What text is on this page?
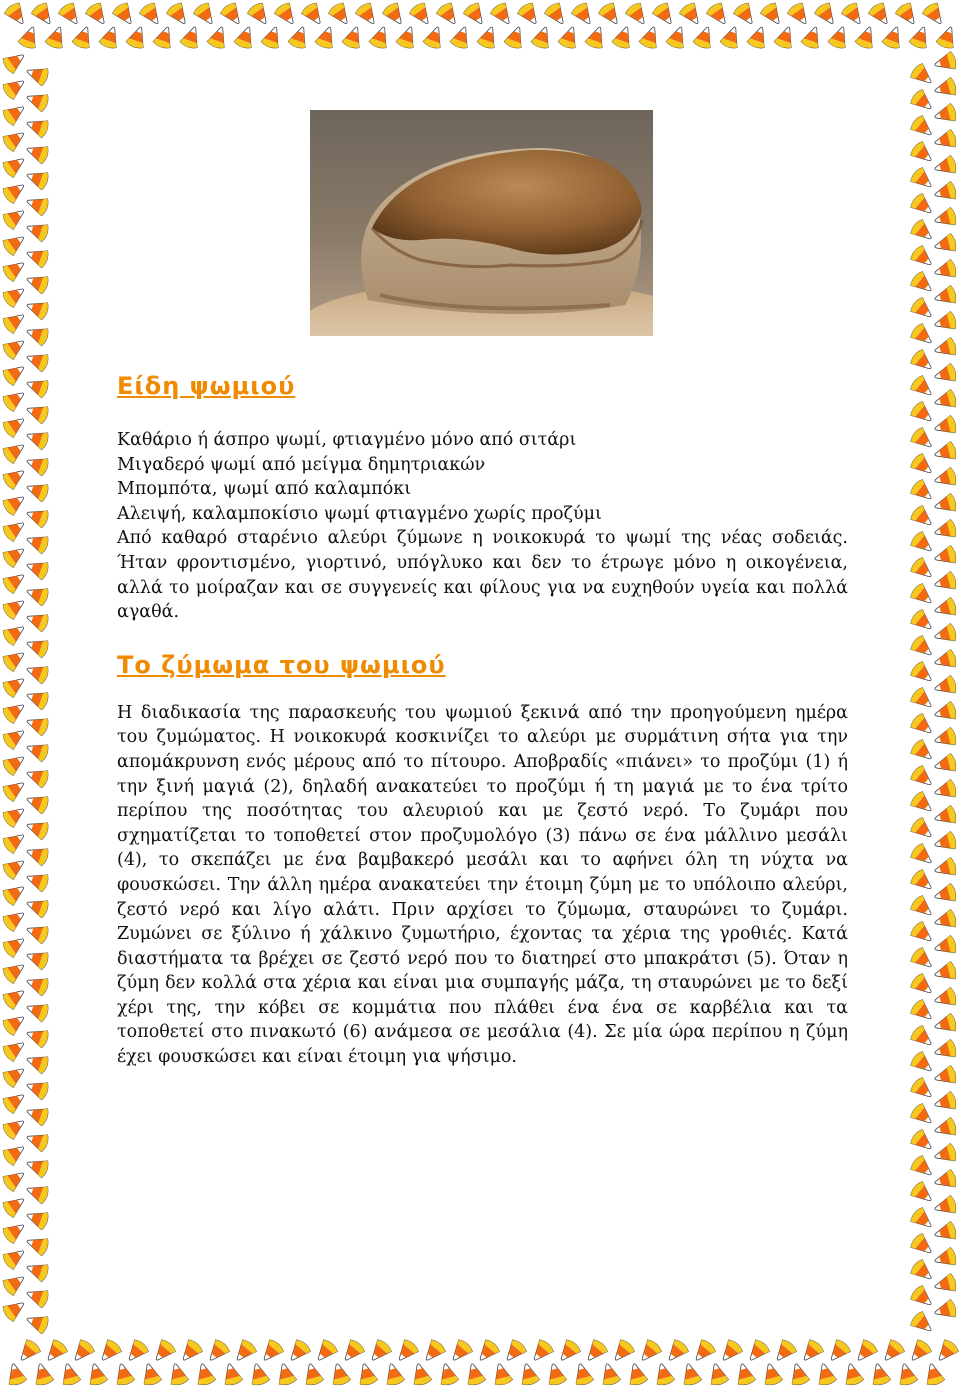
Είδη ψωμιού
Καθάριο ή άσπρο ψωμί, φτιαγμένο μόνο από σιτάρι
Μιγαδερό ψωμί από μείγμα δημητριακών
Μπομπότα, ψωμί από καλαμπόκι
Αλειψή, καλαμποκίσιο ψωμί φτιαγμένο χωρίς προζύμι

Από καθαρό σταρένιο αλεύρι ζύμωνε η νοικοκυρά το ψωμί της νέας σοδειάς. Ήταν φροντισμένο, γιορτινό, υπόγλυκο και δεν το έτρωγε μόνο η οικογένεια, αλλά το μοίραζαν και σε συγγενείς και φίλους για να ευχηθούν υγεία και πολλά αγαθά.

Το ζύμωμα του ψωμιού

Η διαδικασία της παρασκευής του ψωμιού ξεκινά από την προηγούμενη ημέρα του ζυμώματος. Η νοικοκυρά κοσκινίζει το αλεύρι με συρμάτινη σήτα για την απομάκρυνση ενός μέρους από το πίτουρο. Αποβραδίς «πιάνει» το προζύμι (1) ή την ξινή μαγιά (2), δηλαδή ανακατεύει το προζύμι ή τη μαγιά με το ένα τρίτο περίπου της ποσότητας του αλευριού και με ζεστό νερό. Το ζυμάρι που σχηματίζεται το τοποθετεί στον προζυμολόγο (3) πάνω σε ένα μάλλινο μεσάλι (4), το σκεπάζει με ένα βαμβακερό μεσάλι και το αφήνει όλη τη νύχτα να φουσκώσει. Την άλλη ημέρα ανακατεύει την έτοιμη ζύμη με το υπόλοιπο αλεύρι, ζεστό νερό και λίγο αλάτι. Πριν αρχίσει το ζύμωμα, σταυρώνει το ζυμάρι. Ζυμώνει σε ξύλινο ή χάλκινο ζυμωτήριο, έχοντας τα χέρια της γροθιές. Κατά διαστήματα τα βρέχει σε ζεστό νερό που το διατηρεί στο μπακράτσι (5). Όταν η ζύμη δεν κολλά στα χέρια και είναι μια συμπαγής μάζα, τη σταυρώνει με το δεξί χέρι της, την κόβει σε κομμάτια που πλάθει ένα ένα σε καρβέλια και τα τοποθετεί στο πινακωτό (6) ανάμεσα σε μεσάλια (4). Σε μία ώρα περίπου η ζύμη έχει φουσκώσει και είναι έτοιμη για ψήσιμο.
